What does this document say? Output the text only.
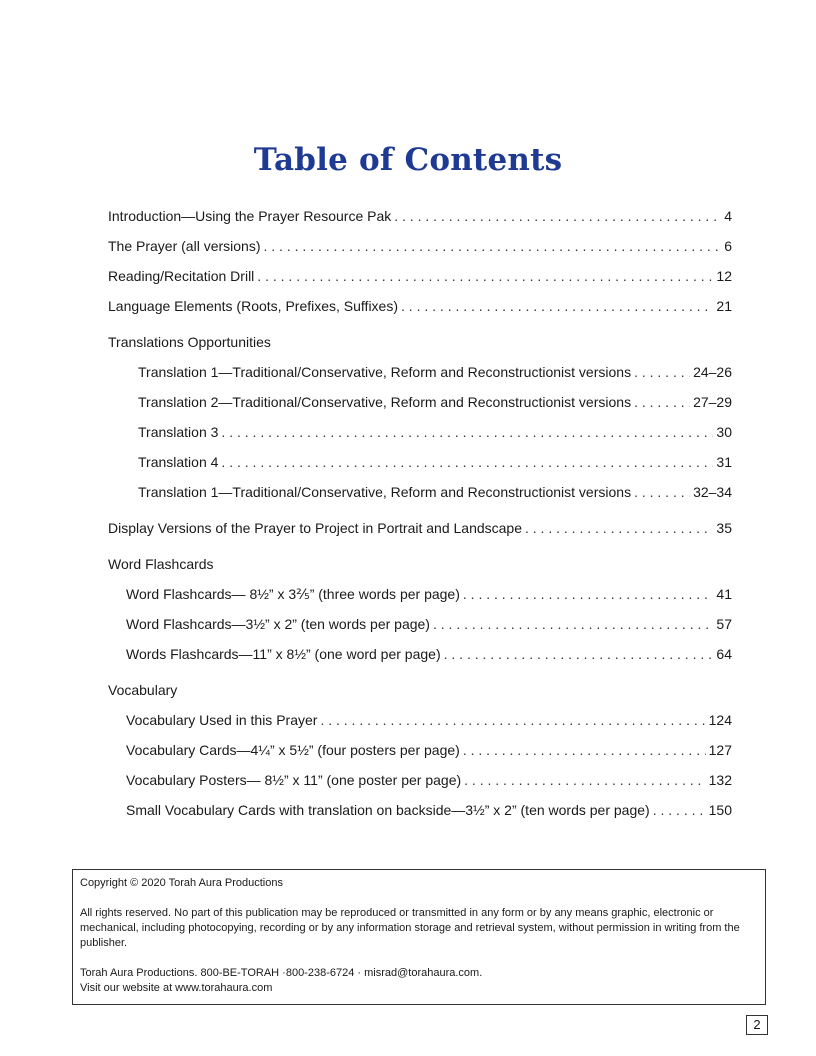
Table of Contents
Introduction—Using the Prayer Resource Pak . . .	4
The Prayer (all versions) . . .	6
Reading/Recitation Drill . . .	12
Language Elements (Roots, Prefixes, Suffixes) . . .	21
Translations Opportunities
Translation 1—Traditional/Conservative, Reform and Reconstructionist versions . . .	24–26
Translation 2—Traditional/Conservative, Reform and Reconstructionist versions . . .	27–29
Translation 3 . . .	30
Translation 4 . . .	31
Translation 1—Traditional/Conservative, Reform and Reconstructionist versions . . .	32–34
Display Versions of the Prayer to Project in Portrait and Landscape . . .	35
Word Flashcards
Word Flashcards— 8½” x 3⅖” (three words per page) . . .	41
Word Flashcards—3½” x 2” (ten words per page) . . .	57
Words Flashcards—11” x 8½” (one word per page) . . .	64
Vocabulary
Vocabulary Used in this Prayer . . .	124
Vocabulary Cards—4¼” x 5½” (four posters per page) . . .	127
Vocabulary Posters— 8½” x 11” (one poster per page) . . .	132
Small Vocabulary Cards with translation on backside—3½” x 2” (ten words per page) . . .	150

Copyright © 2020 Torah Aura Productions

All rights reserved. No part of this publication may be reproduced or transmitted in any form or by any means graphic, electronic or mechanical, including photocopying, recording or by any information storage and retrieval system, without permission in writing from the publisher.

Torah Aura Productions. 800-BE-TORAH ·800-238-6724 · misrad@torahaura.com.

Visit our website at www.torahaura.com

2
